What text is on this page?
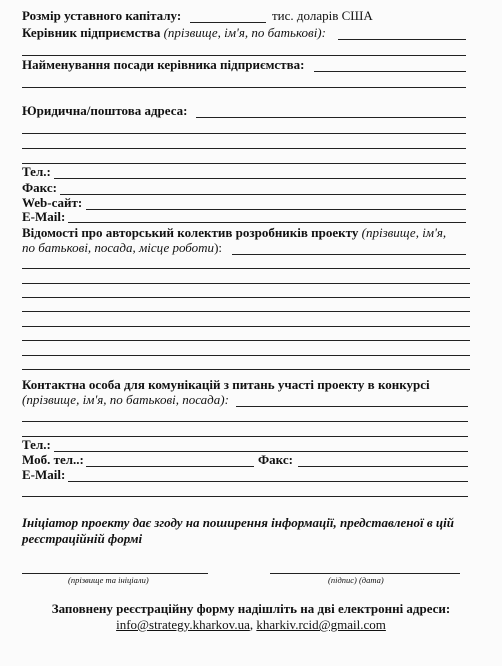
Розмір уставного капіталу:	тис. доларів США
Керівник підприємства (прізвище, ім'я, по батькові):
Найменування посади керівника підприємства:
Юридична/поштова адреса:
Тел.:
Факс:
Web-сайт:
E-Mail:
Відомості про авторський колектив розробників проекту (прізвище, ім'я,
по батькові, посада, місце роботи):
Контактна особа для комунікацій з питань участі проекту в конкурсі
(прізвище, ім'я, по батькові, посада):
Тел.:
Моб. тел..:	Факс:
E-Mail:
Ініціатор проекту дає згоду на поширення інформації, представленої в цій
реєстраційній формі
(прізвище та ініціали)	(підпис) (дата)
Заповнену реєстраційну форму надішліть на дві електронні адреси:
info@strategy.kharkov.ua, kharkiv.rcid@gmail.com
